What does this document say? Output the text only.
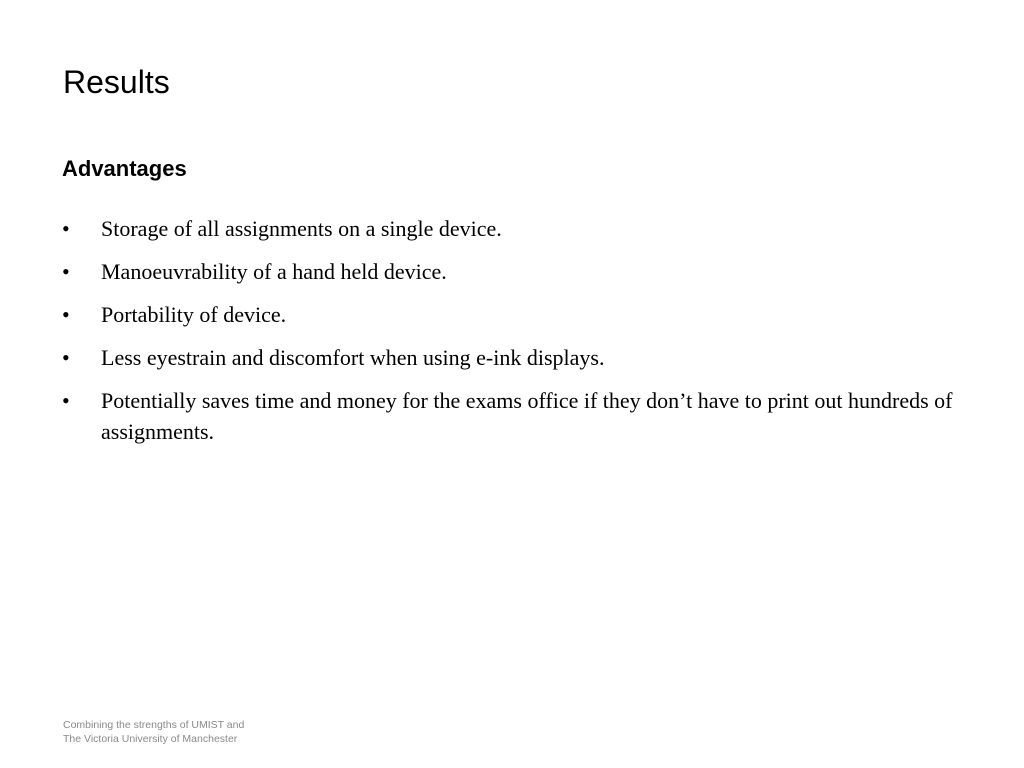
Results
Advantages
• Storage of all assignments on a single device.
• Manoeuvrability of a hand held device.
• Portability of device.
• Less eyestrain and discomfort when using e-ink displays.
• Potentially saves time and money for the exams office if they don’t have to print out hundreds of assignments.
Combining the strengths of UMIST and
The Victoria University of Manchester
